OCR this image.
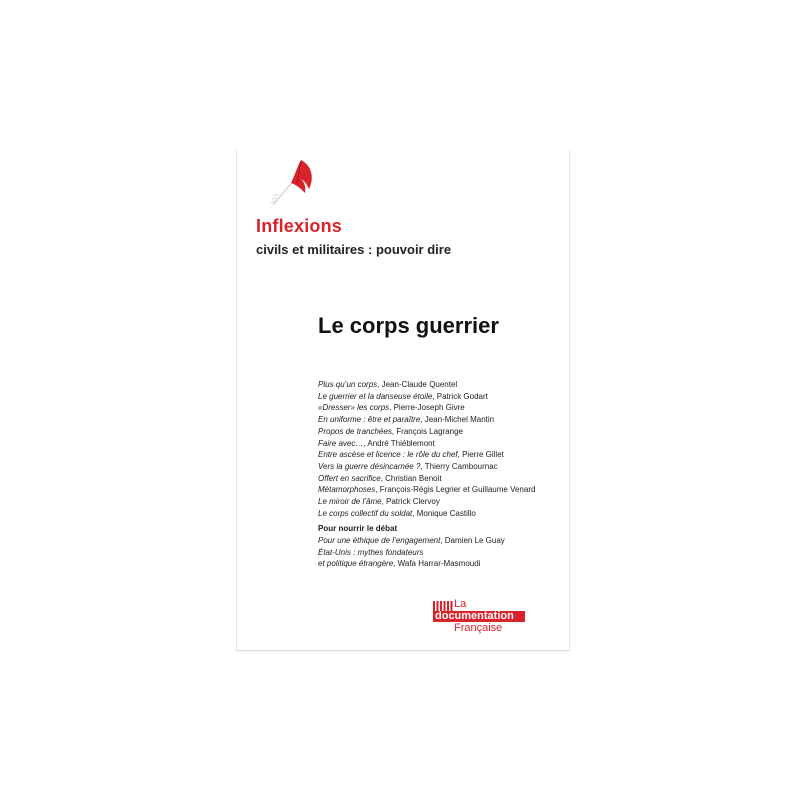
Inflexions
civils et militaires : pouvoir dire
Le corps guerrier
Plus qu’un corps, Jean-Claude Quentel
Le guerrier et la danseuse étoile, Patrick Godart
«Dresser» les corps, Pierre-Joseph Givre
En uniforme : être et paraître, Jean-Michel Mantin
Propos de tranchées, François Lagrange
Faire avec…, André Thiéblemont
Entre ascèse et licence : le rôle du chef, Pierre Gillet
Vers la guerre désincarnée ?, Thierry Cambournac
Offert en sacrifice, Christian Benoit
Métamorphoses, François-Régis Legrier et Guillaume Venard
Le miroir de l’âme, Patrick Clervoy
Le corps collectif du soldat, Monique Castillo
Pour nourrir le débat
Pour une éthique de l’engagement, Damien Le Guay
État-Unis : mythes fondateurs
et politique étrangère, Wafa Harrar-Masmoudi
La
documentation
Française
